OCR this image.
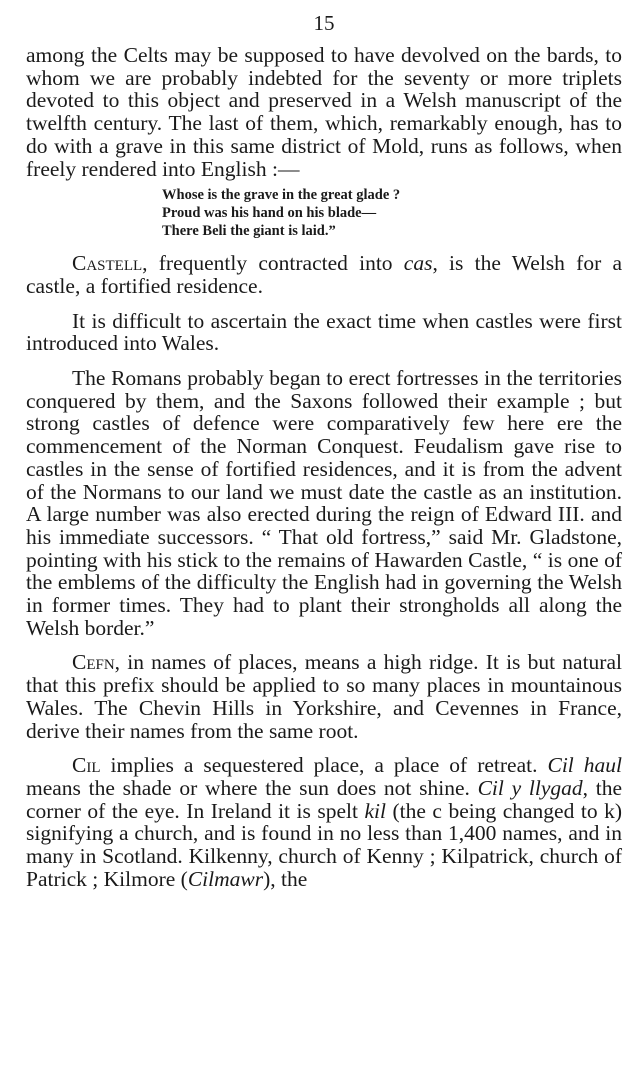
15

among the Celts may be supposed to have devolved on the bards, to whom we are probably indebted for the seventy or more triplets devoted to this object and preserved in a Welsh manuscript of the twelfth century. The last of them, which, remarkably enough, has to do with a grave in this same district of Mold, runs as follows, when freely rendered into English :—

Whose is the grave in the great glade ?
Proud was his hand on his blade—
There Beli the giant is laid.”

Castell, frequently contracted into cas, is the Welsh for a castle, a fortified residence.

It is difficult to ascertain the exact time when castles were first introduced into Wales.

The Romans probably began to erect fortresses in the territories conquered by them, and the Saxons followed their example ; but strong castles of defence were comparatively few here ere the commencement of the Norman Conquest. Feudalism gave rise to castles in the sense of fortified residences, and it is from the advent of the Normans to our land we must date the castle as an institution. A large number was also erected during the reign of Edward III. and his immediate successors. “ That old fortress,” said Mr. Gladstone, pointing with his stick to the remains of Hawarden Castle, “ is one of the emblems of the difficulty the English had in governing the Welsh in former times. They had to plant their strongholds all along the Welsh border.”

Cefn, in names of places, means a high ridge. It is but natural that this prefix should be applied to so many places in mountainous Wales. The Chevin Hills in Yorkshire, and Cevennes in France, derive their names from the same root.

Cil implies a sequestered place, a place of retreat. Cil haul means the shade or where the sun does not shine. Cil y llygad, the corner of the eye. In Ireland it is spelt kil (the c being changed to k) signifying a church, and is found in no less than 1,400 names, and in many in Scotland. Kilkenny, church of Kenny ; Kilpatrick, church of Patrick ; Kilmore (Cilmawr), the
